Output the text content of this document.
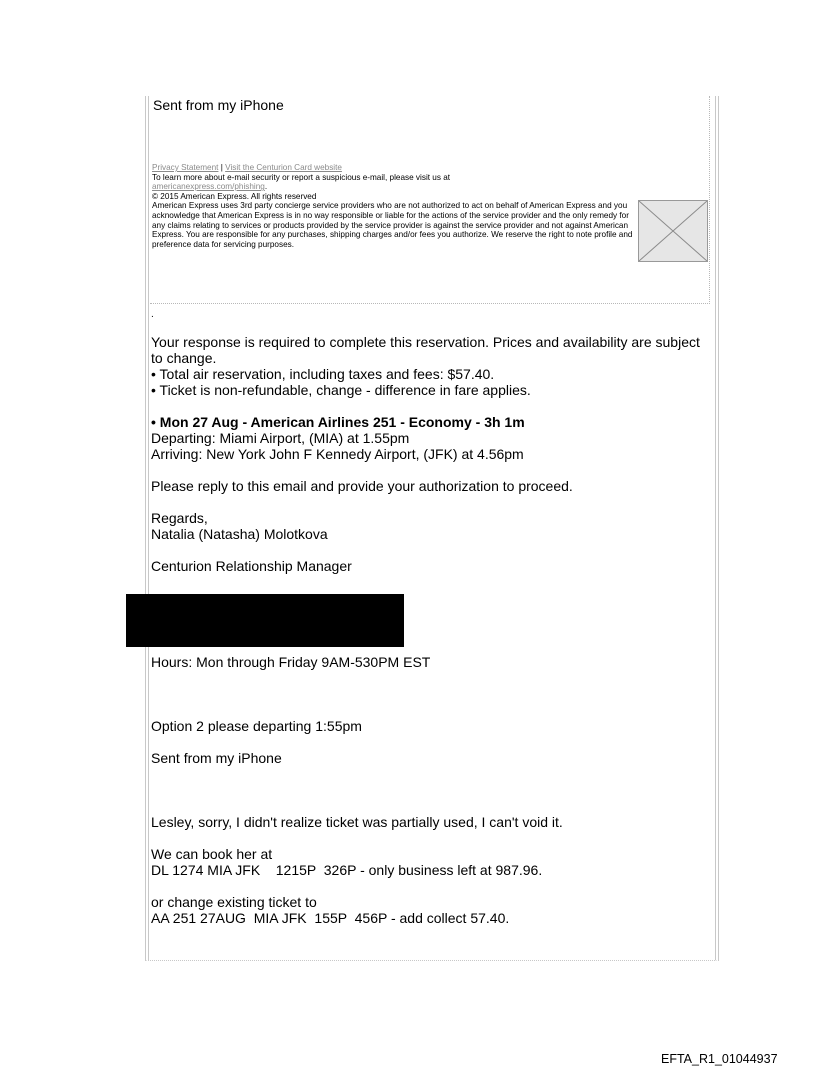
Sent from my iPhone
Privacy Statement | Visit the Centurion Card website
To learn more about e-mail security or report a suspicious e-mail, please visit us at
americanexpress.com/phishing.
© 2015 American Express. All rights reserved
American Express uses 3rd party concierge service providers who are not authorized to act on behalf of American Express and you acknowledge that American Express is in no way responsible or liable for the actions of the service provider and the only remedy for any claims relating to services or products provided by the service provider is against the service provider and not against American Express. You are responsible for any purchases, shipping charges and/or fees you authorize. We reserve the right to note profile and preference data for servicing purposes.
.

Your response is required to complete this reservation. Prices and availability are subject to change.

• Total air reservation, including taxes and fees: $57.40.

• Ticket is non-refundable, change - difference in fare applies.

• Mon 27 Aug - American Airlines 251 - Economy - 3h 1m

Departing: Miami Airport, (MIA) at 1.55pm

Arriving: New York John F Kennedy Airport, (JFK) at 4.56pm

Please reply to this email and provide your authorization to proceed.

Regards,

Natalia (Natasha) Molotkova

Centurion Relationship Manager

Hours: Mon through Friday 9AM-530PM EST

Option 2 please departing 1:55pm

Sent from my iPhone

Lesley, sorry, I didn't realize ticket was partially used, I can't void it.

We can book her at

DL 1274 MIA JFK    1215P  326P - only business left at 987.96.

or change existing ticket to

AA 251 27AUG  MIA JFK  155P  456P - add collect 57.40.

EFTA_R1_01044937
